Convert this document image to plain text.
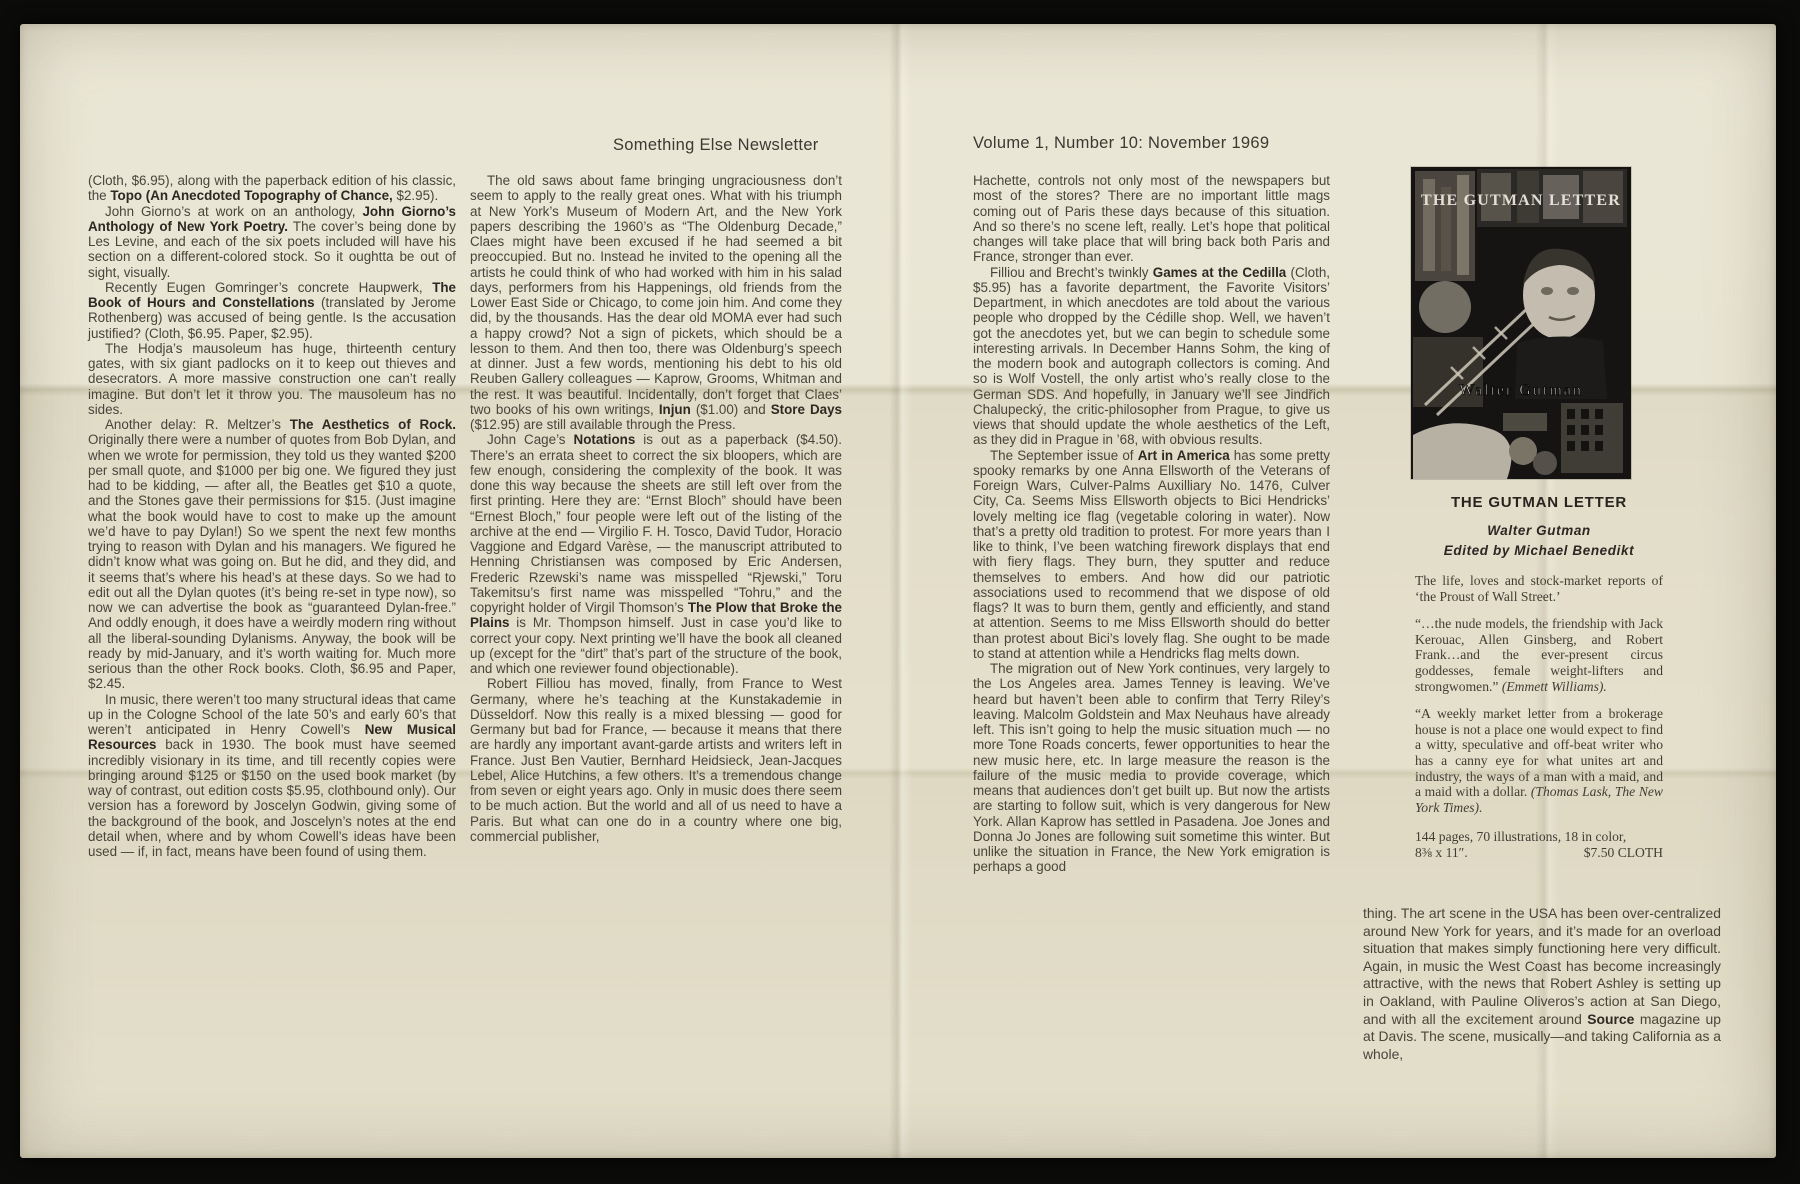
Something Else Newsletter	Volume 1, Number 10: November 1969

(Cloth, $6.95), along with the paperback edition of his classic, the Topo (An Anecdoted Topography of Chance, $2.95).

John Giorno’s at work on an anthology, John Giorno’s Anthology of New York Poetry. The cover’s being done by Les Levine, and each of the six poets included will have his section on a different-colored stock. So it oughtta be out of sight, visually.

Recently Eugen Gomringer’s concrete Haupwerk, The Book of Hours and Constellations (translated by Jerome Rothenberg) was accused of being gentle. Is the accusation justified? (Cloth, $6.95. Paper, $2.95).

The Hodja’s mausoleum has huge, thirteenth century gates, with six giant padlocks on it to keep out thieves and desecrators. A more massive construction one can’t really imagine. But don’t let it throw you. The mausoleum has no sides.

Another delay: R. Meltzer’s The Aesthetics of Rock. Originally there were a number of quotes from Bob Dylan, and when we wrote for permission, they told us they wanted $200 per small quote, and $1000 per big one. We figured they just had to be kidding, — after all, the Beatles get $10 a quote, and the Stones gave their permissions for $15. (Just imagine what the book would have to cost to make up the amount we’d have to pay Dylan!) So we spent the next few months trying to reason with Dylan and his managers. We figured he didn’t know what was going on. But he did, and they did, and it seems that’s where his head’s at these days. So we had to edit out all the Dylan quotes (it’s being re-set in type now), so now we can advertise the book as “guaranteed Dylan-free.” And oddly enough, it does have a weirdly modern ring without all the liberal-sounding Dylanisms. Anyway, the book will be ready by mid-January, and it’s worth waiting for. Much more serious than the other Rock books. Cloth, $6.95 and Paper, $2.45.

In music, there weren’t too many structural ideas that came up in the Cologne School of the late 50’s and early 60’s that weren’t anticipated in Henry Cowell’s New Musical Resources back in 1930. The book must have seemed incredibly visionary in its time, and till recently copies were bringing around $125 or $150 on the used book market (by way of contrast, out edition costs $5.95, clothbound only). Our version has a foreword by Joscelyn Godwin, giving some of the background of the book, and Joscelyn’s notes at the end detail when, where and by whom Cowell’s ideas have been used — if, in fact, means have been found of using them.

The old saws about fame bringing ungraciousness don’t seem to apply to the really great ones. What with his triumph at New York’s Museum of Modern Art, and the New York papers describing the 1960’s as “The Oldenburg Decade,” Claes might have been excused if he had seemed a bit preoccupied. But no. Instead he invited to the opening all the artists he could think of who had worked with him in his salad days, performers from his Happenings, old friends from the Lower East Side or Chicago, to come join him. And come they did, by the thousands. Has the dear old MOMA ever had such a happy crowd? Not a sign of pickets, which should be a lesson to them. And then too, there was Oldenburg’s speech at dinner. Just a few words, mentioning his debt to his old Reuben Gallery colleagues — Kaprow, Grooms, Whitman and the rest. It was beautiful. Incidentally, don’t forget that Claes’ two books of his own writings, Injun ($1.00) and Store Days ($12.95) are still available through the Press.

John Cage’s Notations is out as a paperback ($4.50). There’s an errata sheet to correct the six bloopers, which are few enough, considering the complexity of the book. It was done this way because the sheets are still left over from the first printing. Here they are: “Ernst Bloch” should have been “Ernest Bloch,” four people were left out of the listing of the archive at the end — Virgilio F. H. Tosco, David Tudor, Horacio Vaggione and Edgard Varèse, — the manuscript attributed to Henning Christiansen was composed by Eric Andersen, Frederic Rzewski’s name was misspelled “Rjewski,” Toru Takemitsu’s first name was misspelled “Tohru,” and the copyright holder of Virgil Thomson’s The Plow that Broke the Plains is Mr. Thompson himself. Just in case you’d like to correct your copy. Next printing we’ll have the book all cleaned up (except for the “dirt” that’s part of the structure of the book, and which one reviewer found objectionable).

Robert Filliou has moved, finally, from France to West Germany, where he’s teaching at the Kunstakademie in Düsseldorf. Now this really is a mixed blessing — good for Germany but bad for France, — because it means that there are hardly any important avant-garde artists and writers left in France. Just Ben Vautier, Bernhard Heidsieck, Jean-Jacques Lebel, Alice Hutchins, a few others. It’s a tremendous change from seven or eight years ago. Only in music does there seem to be much action. But the world and all of us need to have a Paris. But what can one do in a country where one big, commercial publisher,

Hachette, controls not only most of the newspapers but most of the stores? There are no important little mags coming out of Paris these days because of this situation. And so there’s no scene left, really. Let’s hope that political changes will take place that will bring back both Paris and France, stronger than ever.

Filliou and Brecht’s twinkly Games at the Cedilla (Cloth, $5.95) has a favorite department, the Favorite Visitors’ Department, in which anecdotes are told about the various people who dropped by the Cédille shop. Well, we haven’t got the anecdotes yet, but we can begin to schedule some interesting arrivals. In December Hanns Sohm, the king of the modern book and autograph collectors is coming. And so is Wolf Vostell, the only artist who’s really close to the German SDS. And hopefully, in January we’ll see Jindřich Chalupecký, the critic-philosopher from Prague, to give us views that should update the whole aesthetics of the Left, as they did in Prague in ’68, with obvious results.

The September issue of Art in America has some pretty spooky remarks by one Anna Ellsworth of the Veterans of Foreign Wars, Culver-Palms Auxilliary No. 1476, Culver City, Ca. Seems Miss Ellsworth objects to Bici Hendricks’ lovely melting ice flag (vegetable coloring in water). Now that’s a pretty old tradition to protest. For more years than I like to think, I’ve been watching firework displays that end with fiery flags. They burn, they sputter and reduce themselves to embers. And how did our patriotic associations used to recommend that we dispose of old flags? It was to burn them, gently and efficiently, and stand at attention. Seems to me Miss Ellsworth should do better than protest about Bici’s lovely flag. She ought to be made to stand at attention while a Hendricks flag melts down.

The migration out of New York continues, very largely to the Los Angeles area. James Tenney is leaving. We’ve heard but haven’t been able to confirm that Terry Riley’s leaving. Malcolm Goldstein and Max Neuhaus have already left. This isn’t going to help the music situation much — no more Tone Roads concerts, fewer opportunities to hear the new music here, etc. In large measure the reason is the failure of the music media to provide coverage, which means that audiences don’t get built up. But now the artists are starting to follow suit, which is very dangerous for New York. Allan Kaprow has settled in Pasadena. Joe Jones and Donna Jo Jones are following suit sometime this winter. But unlike the situation in France, the New York emigration is perhaps a good

THE GUTMAN LETTER
Walter Gutman
THE GUTMAN LETTER
Walter Gutman
Edited by Michael Benedikt

The life, loves and stock-market reports of ‘the Proust of Wall Street.’

“…the nude models, the friendship with Jack Kerouac, Allen Ginsberg, and Robert Frank…and the ever-present circus goddesses, female weight-lifters and strongwomen.” (Emmett Williams).

“A weekly market letter from a brokerage house is not a place one would expect to find a witty, speculative and off-beat writer who has a canny eye for what unites art and industry, the ways of a man with a maid, and a maid with a dollar. (Thomas Lask, The New York Times).

144 pages, 70 illustrations, 18 in color,
8⅜ x 11″.	$7.50 CLOTH

thing. The art scene in the USA has been over-centralized around New York for years, and it’s made for an overload situation that makes simply functioning here very difficult. Again, in music the West Coast has become increasingly attractive, with the news that Robert Ashley is setting up in Oakland, with Pauline Oliveros’s action at San Diego, and with all the excitement around Source magazine up at Davis. The scene, musically—and taking California as a whole,
